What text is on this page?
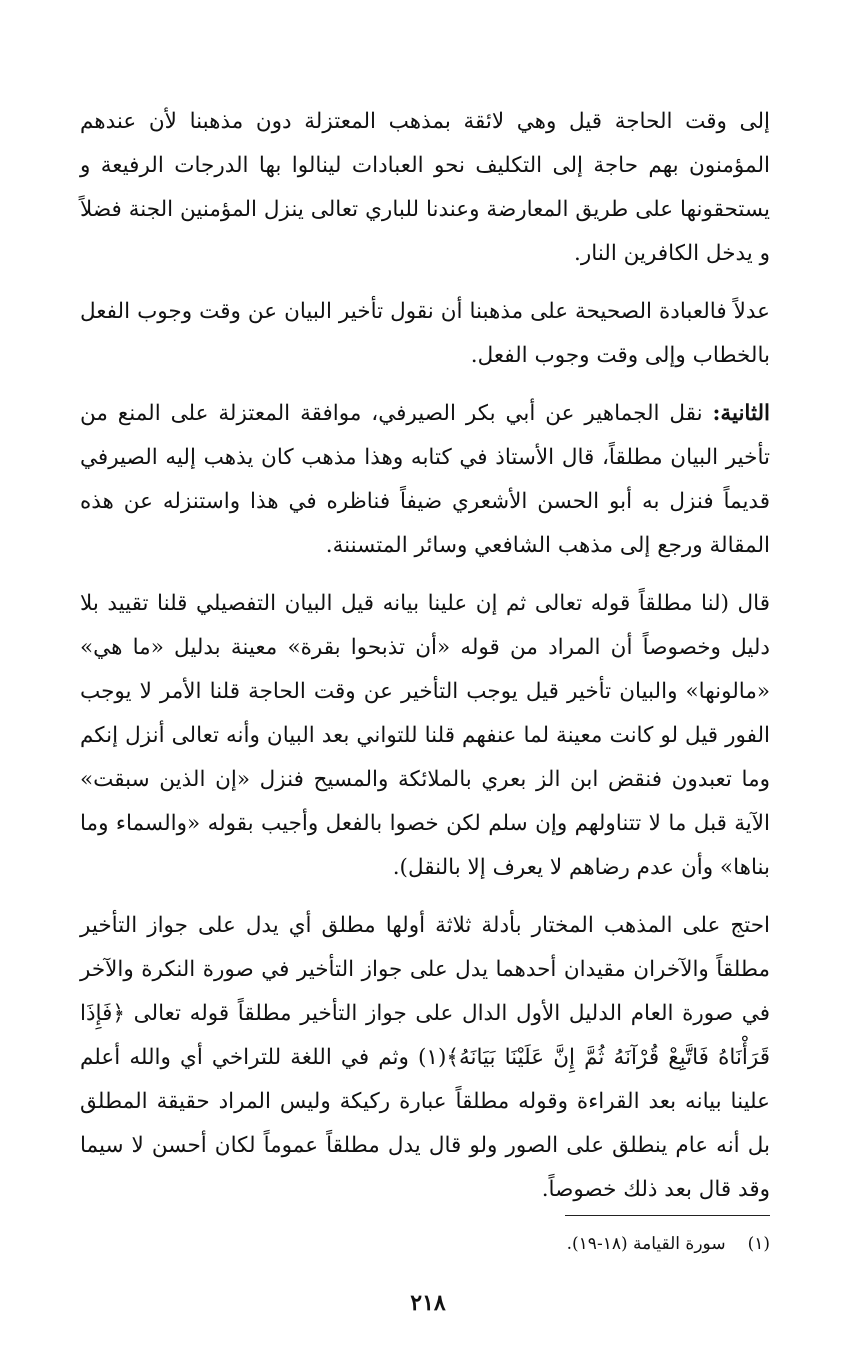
إلى وقت الحاجة قيل وهي لائقة بمذهب المعتزلة دون مذهبنا لأن عندهم المؤمنون بهم حاجة إلى التكليف نحو العبادات لينالوا بها الدرجات الرفيعة و يستحقونها على طريق المعارضة وعندنا للباري تعالى ينزل المؤمنين الجنة فضلاً و يدخل الكافرين النار.

عدلاً فالعبادة الصحيحة على مذهبنا أن نقول تأخير البيان عن وقت وجوب الفعل بالخطاب وإلى وقت وجوب الفعل.

الثانية: نقل الجماهير عن أبي بكر الصيرفي، موافقة المعتزلة على المنع من تأخير البيان مطلقاً، قال الأستاذ في كتابه وهذا مذهب كان يذهب إليه الصيرفي قديماً فنزل به أبو الحسن الأشعري ضيفاً فناظره في هذا واستنزله عن هذه المقالة ورجع إلى مذهب الشافعي وسائر المتسننة.

قال (لنا مطلقاً قوله تعالى ثم إن علينا بيانه قيل البيان التفصيلي قلنا تقييد بلا دليل وخصوصاً أن المراد من قوله «أن تذبحوا بقرة» معينة بدليل «ما هي» «مالونها» والبيان تأخير قيل يوجب التأخير عن وقت الحاجة قلنا الأمر لا يوجب الفور قيل لو كانت معينة لما عنفهم قلنا للتواني بعد البيان وأنه تعالى أنزل إنكم وما تعبدون فنقض ابن الز بعري بالملائكة والمسيح فنزل «إن الذين سبقت» الآية قبل ما لا تتناولهم وإن سلم لكن خصوا بالفعل وأجيب بقوله «والسماء وما بناها» وأن عدم رضاهم لا يعرف إلا بالنقل).

احتج على المذهب المختار بأدلة ثلاثة أولها مطلق أي يدل على جواز التأخير مطلقاً والآخران مقيدان أحدهما يدل على جواز التأخير في صورة النكرة والآخر في صورة العام الدليل الأول الدال على جواز التأخير مطلقاً قوله تعالى ﴿فَإِذَا قَرَأْنَاهُ فَاتَّبِعْ قُرْآنَهُ ثُمَّ إِنَّ عَلَيْنَا بَيَانَهُ﴾(١) وثم في اللغة للتراخي أي والله أعلم علينا بيانه بعد القراءة وقوله مطلقاً عبارة ركيكة وليس المراد حقيقة المطلق بل أنه عام ينطلق على الصور ولو قال يدل مطلقاً عموماً لكان أحسن لا سيما وقد قال بعد ذلك خصوصاً.

(١)سورة القيامة (١٨-١٩).
٢١٨
